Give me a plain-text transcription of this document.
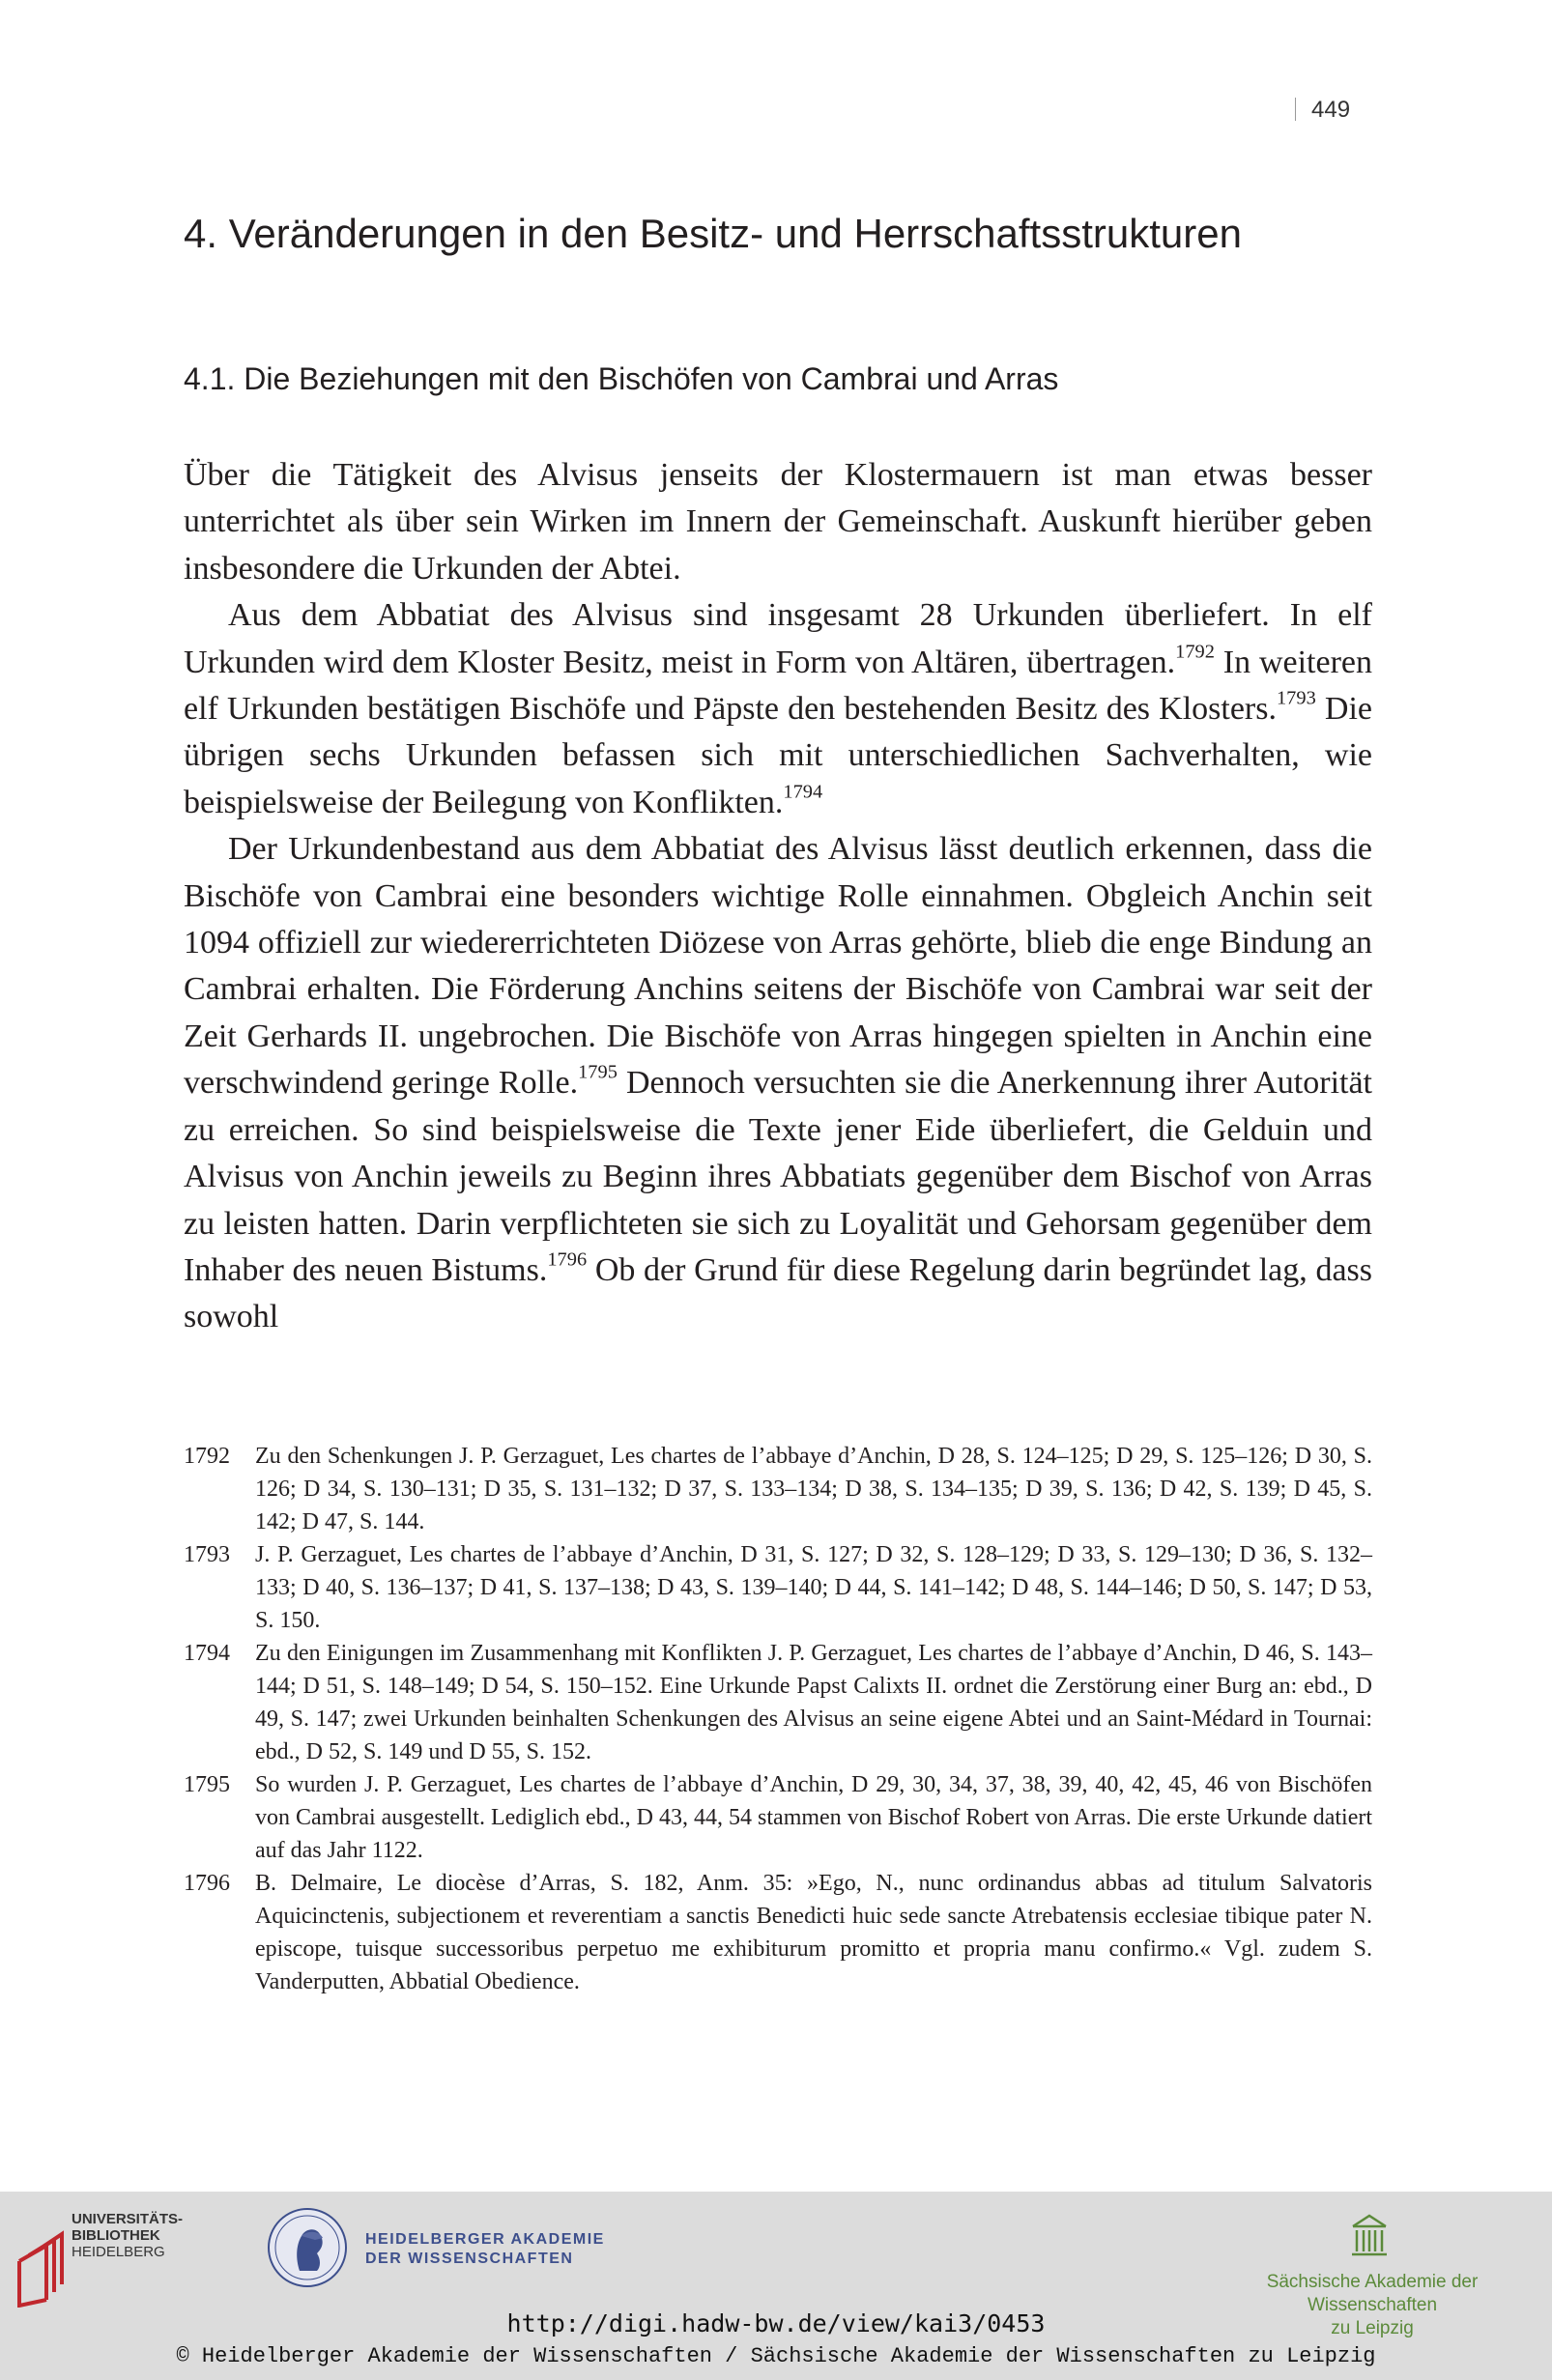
449
4. Veränderungen in den Besitz- und Herrschaftsstrukturen
4.1. Die Beziehungen mit den Bischöfen von Cambrai und Arras

Über die Tätigkeit des Alvisus jenseits der Klostermauern ist man etwas besser unterrichtet als über sein Wirken im Innern der Gemeinschaft. Auskunft hierüber geben insbesondere die Urkunden der Abtei.

Aus dem Abbatiat des Alvisus sind insgesamt 28 Urkunden überliefert. In elf Urkunden wird dem Kloster Besitz, meist in Form von Altären, übertragen.$^{1792}$ In weiteren elf Urkunden bestätigen Bischöfe und Päpste den bestehenden Besitz des Klosters.$^{1793}$ Die übrigen sechs Urkunden befassen sich mit unterschiedlichen Sachverhalten, wie beispielsweise der Beilegung von Konflikten.$^{1794}$

Der Urkundenbestand aus dem Abbatiat des Alvisus lässt deutlich erkennen, dass die Bischöfe von Cambrai eine besonders wichtige Rolle einnahmen. Obgleich Anchin seit 1094 offiziell zur wiedererrichteten Diözese von Arras gehörte, blieb die enge Bindung an Cambrai erhalten. Die Förderung Anchins seitens der Bischöfe von Cambrai war seit der Zeit Gerhards II. ungebrochen. Die Bischöfe von Arras hingegen spielten in Anchin eine verschwindend geringe Rolle.$^{1795}$ Dennoch versuchten sie die Anerkennung ihrer Autorität zu erreichen. So sind beispielsweise die Texte jener Eide überliefert, die Gelduin und Alvisus von Anchin jeweils zu Beginn ihres Abbatiats gegenüber dem Bischof von Arras zu leisten hatten. Darin verpflichteten sie sich zu Loyalität und Gehorsam gegenüber dem Inhaber des neuen Bistums.$^{1796}$ Ob der Grund für diese Regelung darin begründet lag, dass sowohl

1792 Zu den Schenkungen J. P. Gerzaguet, Les chartes de l’abbaye d’Anchin, D 28, S. 124–125; D 29, S. 125–126; D 30, S. 126; D 34, S. 130–131; D 35, S. 131–132; D 37, S. 133–134; D 38, S. 134–135; D 39, S. 136; D 42, S. 139; D 45, S. 142; D 47, S. 144.
1793 J. P. Gerzaguet, Les chartes de l’abbaye d’Anchin, D 31, S. 127; D 32, S. 128–129; D 33, S. 129–130; D 36, S. 132–133; D 40, S. 136–137; D 41, S. 137–138; D 43, S. 139–140; D 44, S. 141–142; D 48, S. 144–146; D 50, S. 147; D 53, S. 150.
1794 Zu den Einigungen im Zusammenhang mit Konflikten J. P. Gerzaguet, Les chartes de l’abbaye d’Anchin, D 46, S. 143–144; D 51, S. 148–149; D 54, S. 150–152. Eine Urkunde Papst Calixts II. ordnet die Zerstörung einer Burg an: ebd., D 49, S. 147; zwei Urkunden beinhalten Schenkungen des Alvisus an seine eigene Abtei und an Saint-Médard in Tournai: ebd., D 52, S. 149 und D 55, S. 152.
1795 So wurden J. P. Gerzaguet, Les chartes de l’abbaye d’Anchin, D 29, 30, 34, 37, 38, 39, 40, 42, 45, 46 von Bischöfen von Cambrai ausgestellt. Lediglich ebd., D 43, 44, 54 stammen von Bischof Robert von Arras. Die erste Urkunde datiert auf das Jahr 1122.
1796 B. Delmaire, Le diocèse d’Arras, S. 182, Anm. 35: »Ego, N., nunc ordinandus abbas ad titulum Salvatoris Aquicinctenis, subjectionem et reverentiam a sanctis Benedicti huic sede sancte Atrebatensis ecclesiae tibique pater N. episcope, tuisque successoribus perpetuo me exhibiturum promitto et propria manu confirmo.« Vgl. zudem S. Vanderputten, Abbatial Obedience.
UNIVERSITÄTS-
BIBLIOTHEK
HEIDELBERG
HEIDELBERGER AKADEMIE
DER WISSENSCHAFTEN
Sächsische Akademie der Wissenschaften
zu Leipzig
http://digi.hadw-bw.de/view/kai3/0453
© Heidelberger Akademie der Wissenschaften / Sächsische Akademie der Wissenschaften zu Leipzig
